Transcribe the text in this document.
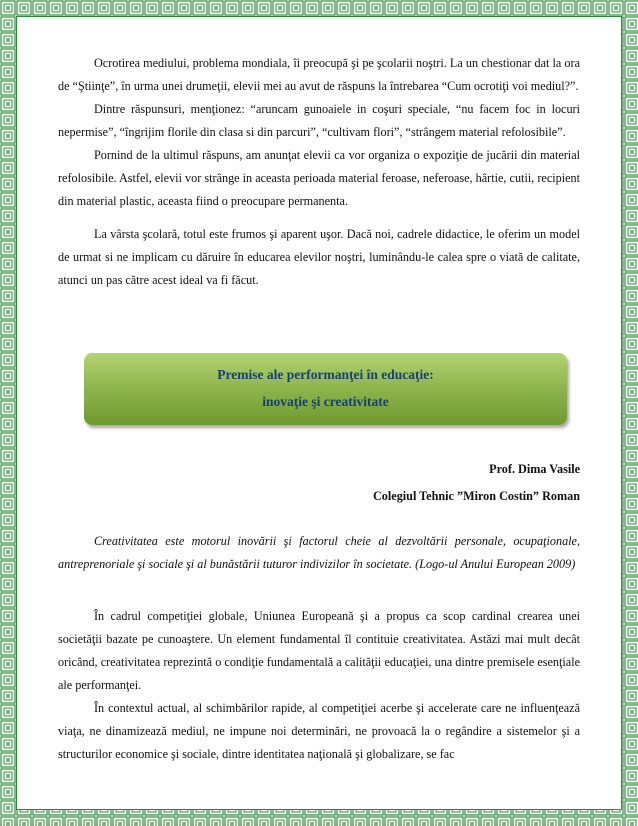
Ocrotirea mediului, problema mondiala, îi preocupă şi pe şcolarii noştri. La un chestionar dat la ora de “Ştiinţe”, în urma unei drumeţii, elevii mei au avut de răspuns la întrebarea “Cum ocrotiţi voi mediul?”.

Dintre răspunsuri, menţionez: “aruncam gunoaiele in coşuri speciale, “nu facem foc in locuri nepermise”, “îngrijim florile din clasa si din parcuri”, “cultivam flori”, “strângem material refolosibile”.

Pornind de la ultimul răspuns, am anunţat elevii ca vor organiza o expoziţie de jucării din material refolosibile. Astfel, elevii vor strânge in aceasta perioada material feroase, neferoase, hârtie, cutii, recipient din material plastic, aceasta fiind o preocupare permanenta.

La vârsta şcolară, totul este frumos şi aparent uşor. Dacă noi, cadrele didactice, le oferim un model de urmat si ne implicam cu dăruire în educarea elevilor noştri, luminându-le calea spre o viată de calitate, atunci un pas către acest ideal va fi făcut.

Premise ale performanţei în educaţie:
inovaţie şi creativitate
Prof. Dima Vasile
Colegiul Tehnic ”Miron Costin” Roman

Creativitatea este motorul inovării şi factorul cheie al dezvoltării personale, ocupaţionale, antreprenoriale şi sociale şi al bunăstării tuturor indivizilor în societate. (Logo-ul Anului European 2009)

În cadrul competiţiei globale, Uniunea Europeană şi a propus ca scop cardinal crearea unei societăţii bazate pe cunoaştere. Un element fundamental îl contituie creativitatea. Astăzi mai mult decât oricând, creativitatea reprezintă o condiţie fundamentală a calităţii educaţiei, una dintre premisele esenţiale ale performanţei.

În contextul actual, al schimbărilor rapide, al competiţiei acerbe şi accelerate care ne influenţează viaţa, ne dinamizează mediul, ne impune noi determinări, ne provoacă la o regândire a sistemelor şi a structurilor economice şi sociale, dintre identitatea naţională şi globalizare, se fac
